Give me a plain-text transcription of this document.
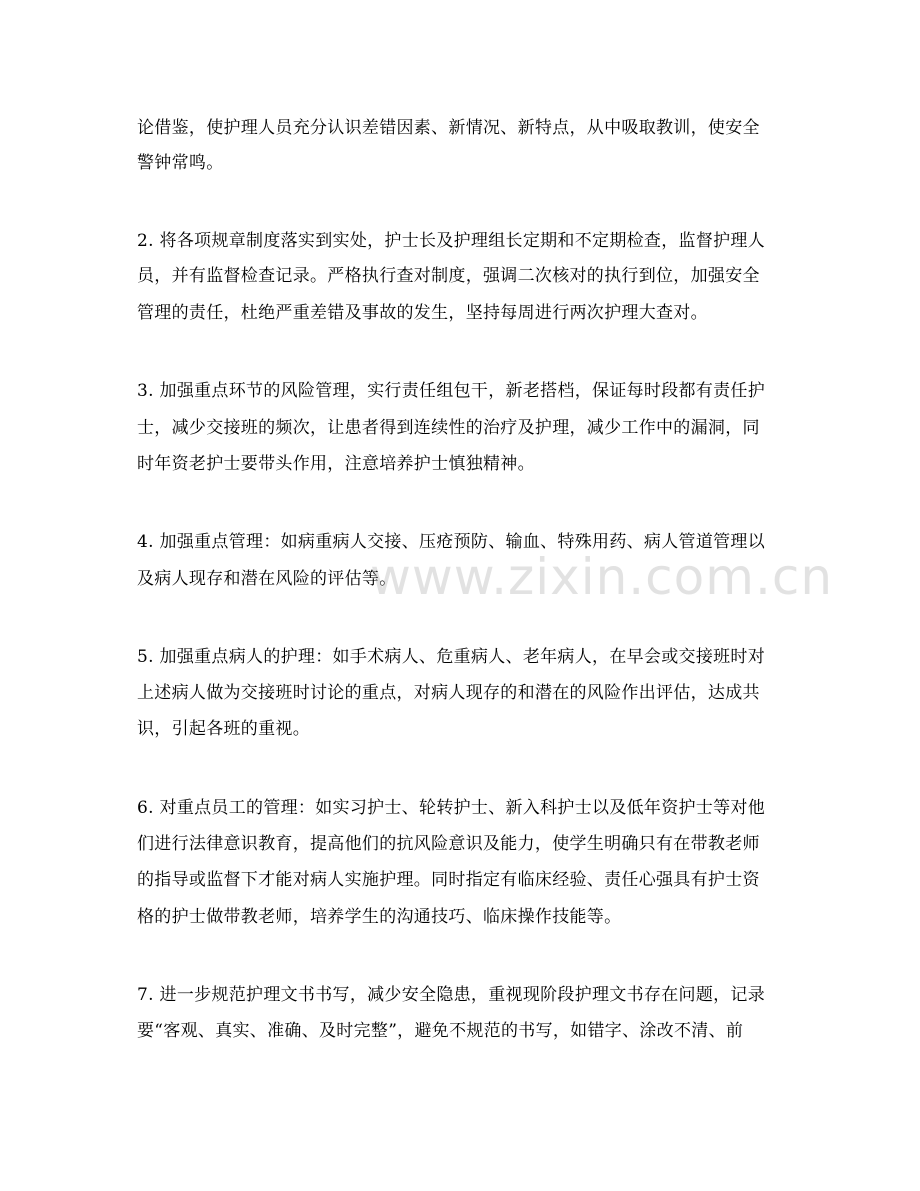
论借鉴，使护理人员充分认识差错因素、新情况、新特点，从中吸取教训，使安全
警钟常鸣。
2. 将各项规章制度落实到实处，护士长及护理组长定期和不定期检查，监督护理人
员，并有监督检查记录。严格执行查对制度，强调二次核对的执行到位，加强安全
管理的责任，杜绝严重差错及事故的发生，坚持每周进行两次护理大查对。
3. 加强重点环节的风险管理，实行责任组包干，新老搭档，保证每时段都有责任护
士，减少交接班的频次，让患者得到连续性的治疗及护理，减少工作中的漏洞，同
时年资老护士要带头作用，注意培养护士慎独精神。
4. 加强重点管理：如病重病人交接、压疮预防、输血、特殊用药、病人管道管理以
及病人现存和潜在风险的评估等。
5. 加强重点病人的护理：如手术病人、危重病人、老年病人，在早会或交接班时对
上述病人做为交接班时讨论的重点，对病人现存的和潜在的风险作出评估，达成共
识，引起各班的重视。
6. 对重点员工的管理：如实习护士、轮转护士、新入科护士以及低年资护士等对他
们进行法律意识教育，提高他们的抗风险意识及能力，使学生明确只有在带教老师
的指导或监督下才能对病人实施护理。同时指定有临床经验、责任心强具有护士资
格的护士做带教老师，培养学生的沟通技巧、临床操作技能等。
7. 进一步规范护理文书书写，减少安全隐患，重视现阶段护理文书存在问题，记录
要“客观、真实、准确、及时完整”，避免不规范的书写，如错字、涂改不清、前
www.zixin.com.cn
